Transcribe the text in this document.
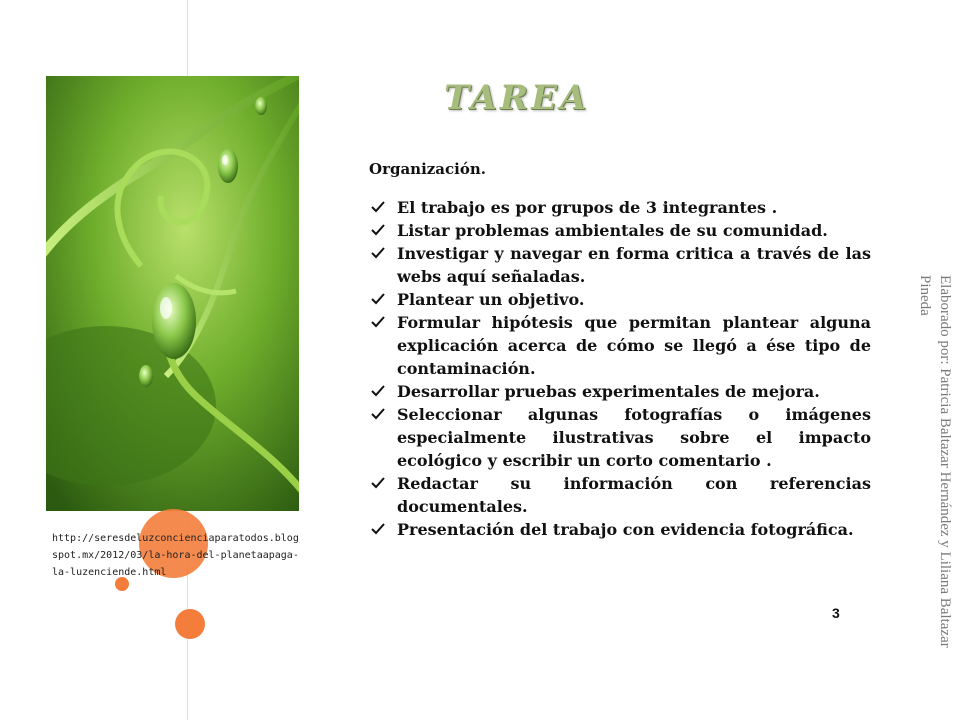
http://seresdeluzconcienciaparatodos.blogspot.mx/2012/03/la-hora-del-planetaapaga-la-luzenciende.html
TAREA

Organización.

El trabajo es por grupos de 3 integrantes .
Listar problemas ambientales de su comunidad.
Investigar y navegar en forma critica a través de las webs aquí señaladas.
Plantear un objetivo.
Formular hipótesis que permitan plantear alguna explicación acerca de cómo se llegó a ése tipo de contaminación.
Desarrollar pruebas experimentales de mejora.
Seleccionar algunas fotografías o imágenes especialmente ilustrativas sobre el impacto ecológico y escribir un corto comentario .
Redactar su información con referencias documentales.
Presentación del trabajo con evidencia fotográfica.
3	Elaborado por: Patricia Baltazar Hernández y Liliana Baltazar Pineda
